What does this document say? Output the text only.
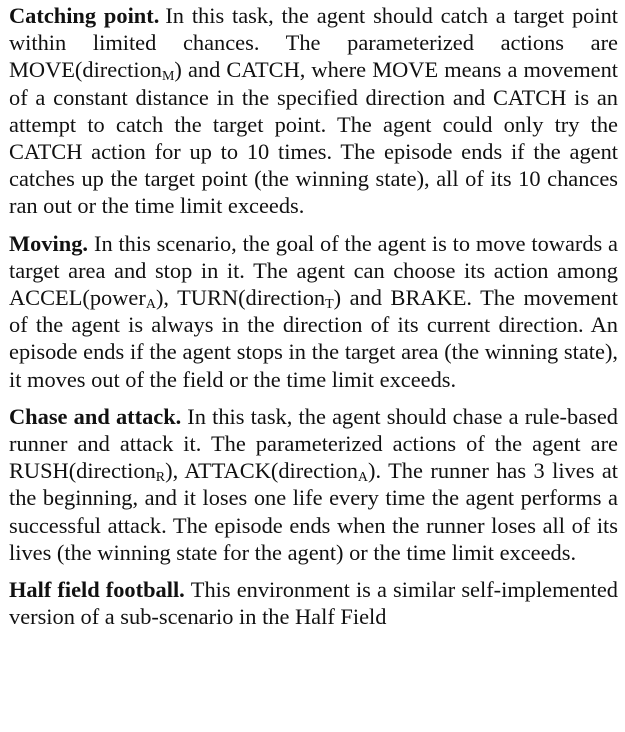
Catching point. In this task, the agent should catch a target point within limited chances. The parameterized actions are MOVE(direction$_M$) and CATCH, where MOVE means a movement of a constant distance in the specified direction and CATCH is an attempt to catch the target point. The agent could only try the CATCH action for up to 10 times. The episode ends if the agent catches up the target point (the winning state), all of its 10 chances ran out or the time limit exceeds.

Moving. In this scenario, the goal of the agent is to move towards a target area and stop in it. The agent can choose its action among ACCEL(power$_A$), TURN(direction$_T$) and BRAKE. The movement of the agent is always in the direction of its current direction. An episode ends if the agent stops in the target area (the winning state), it moves out of the field or the time limit exceeds.

Chase and attack. In this task, the agent should chase a rule-based runner and attack it. The parameterized actions of the agent are RUSH(direction$_R$), ATTACK(direction$_A$). The runner has 3 lives at the beginning, and it loses one life every time the agent performs a successful attack. The episode ends when the runner loses all of its lives (the winning state for the agent) or the time limit exceeds.

Half field football. This environment is a similar self-implemented version of a sub-scenario in the Half Field
